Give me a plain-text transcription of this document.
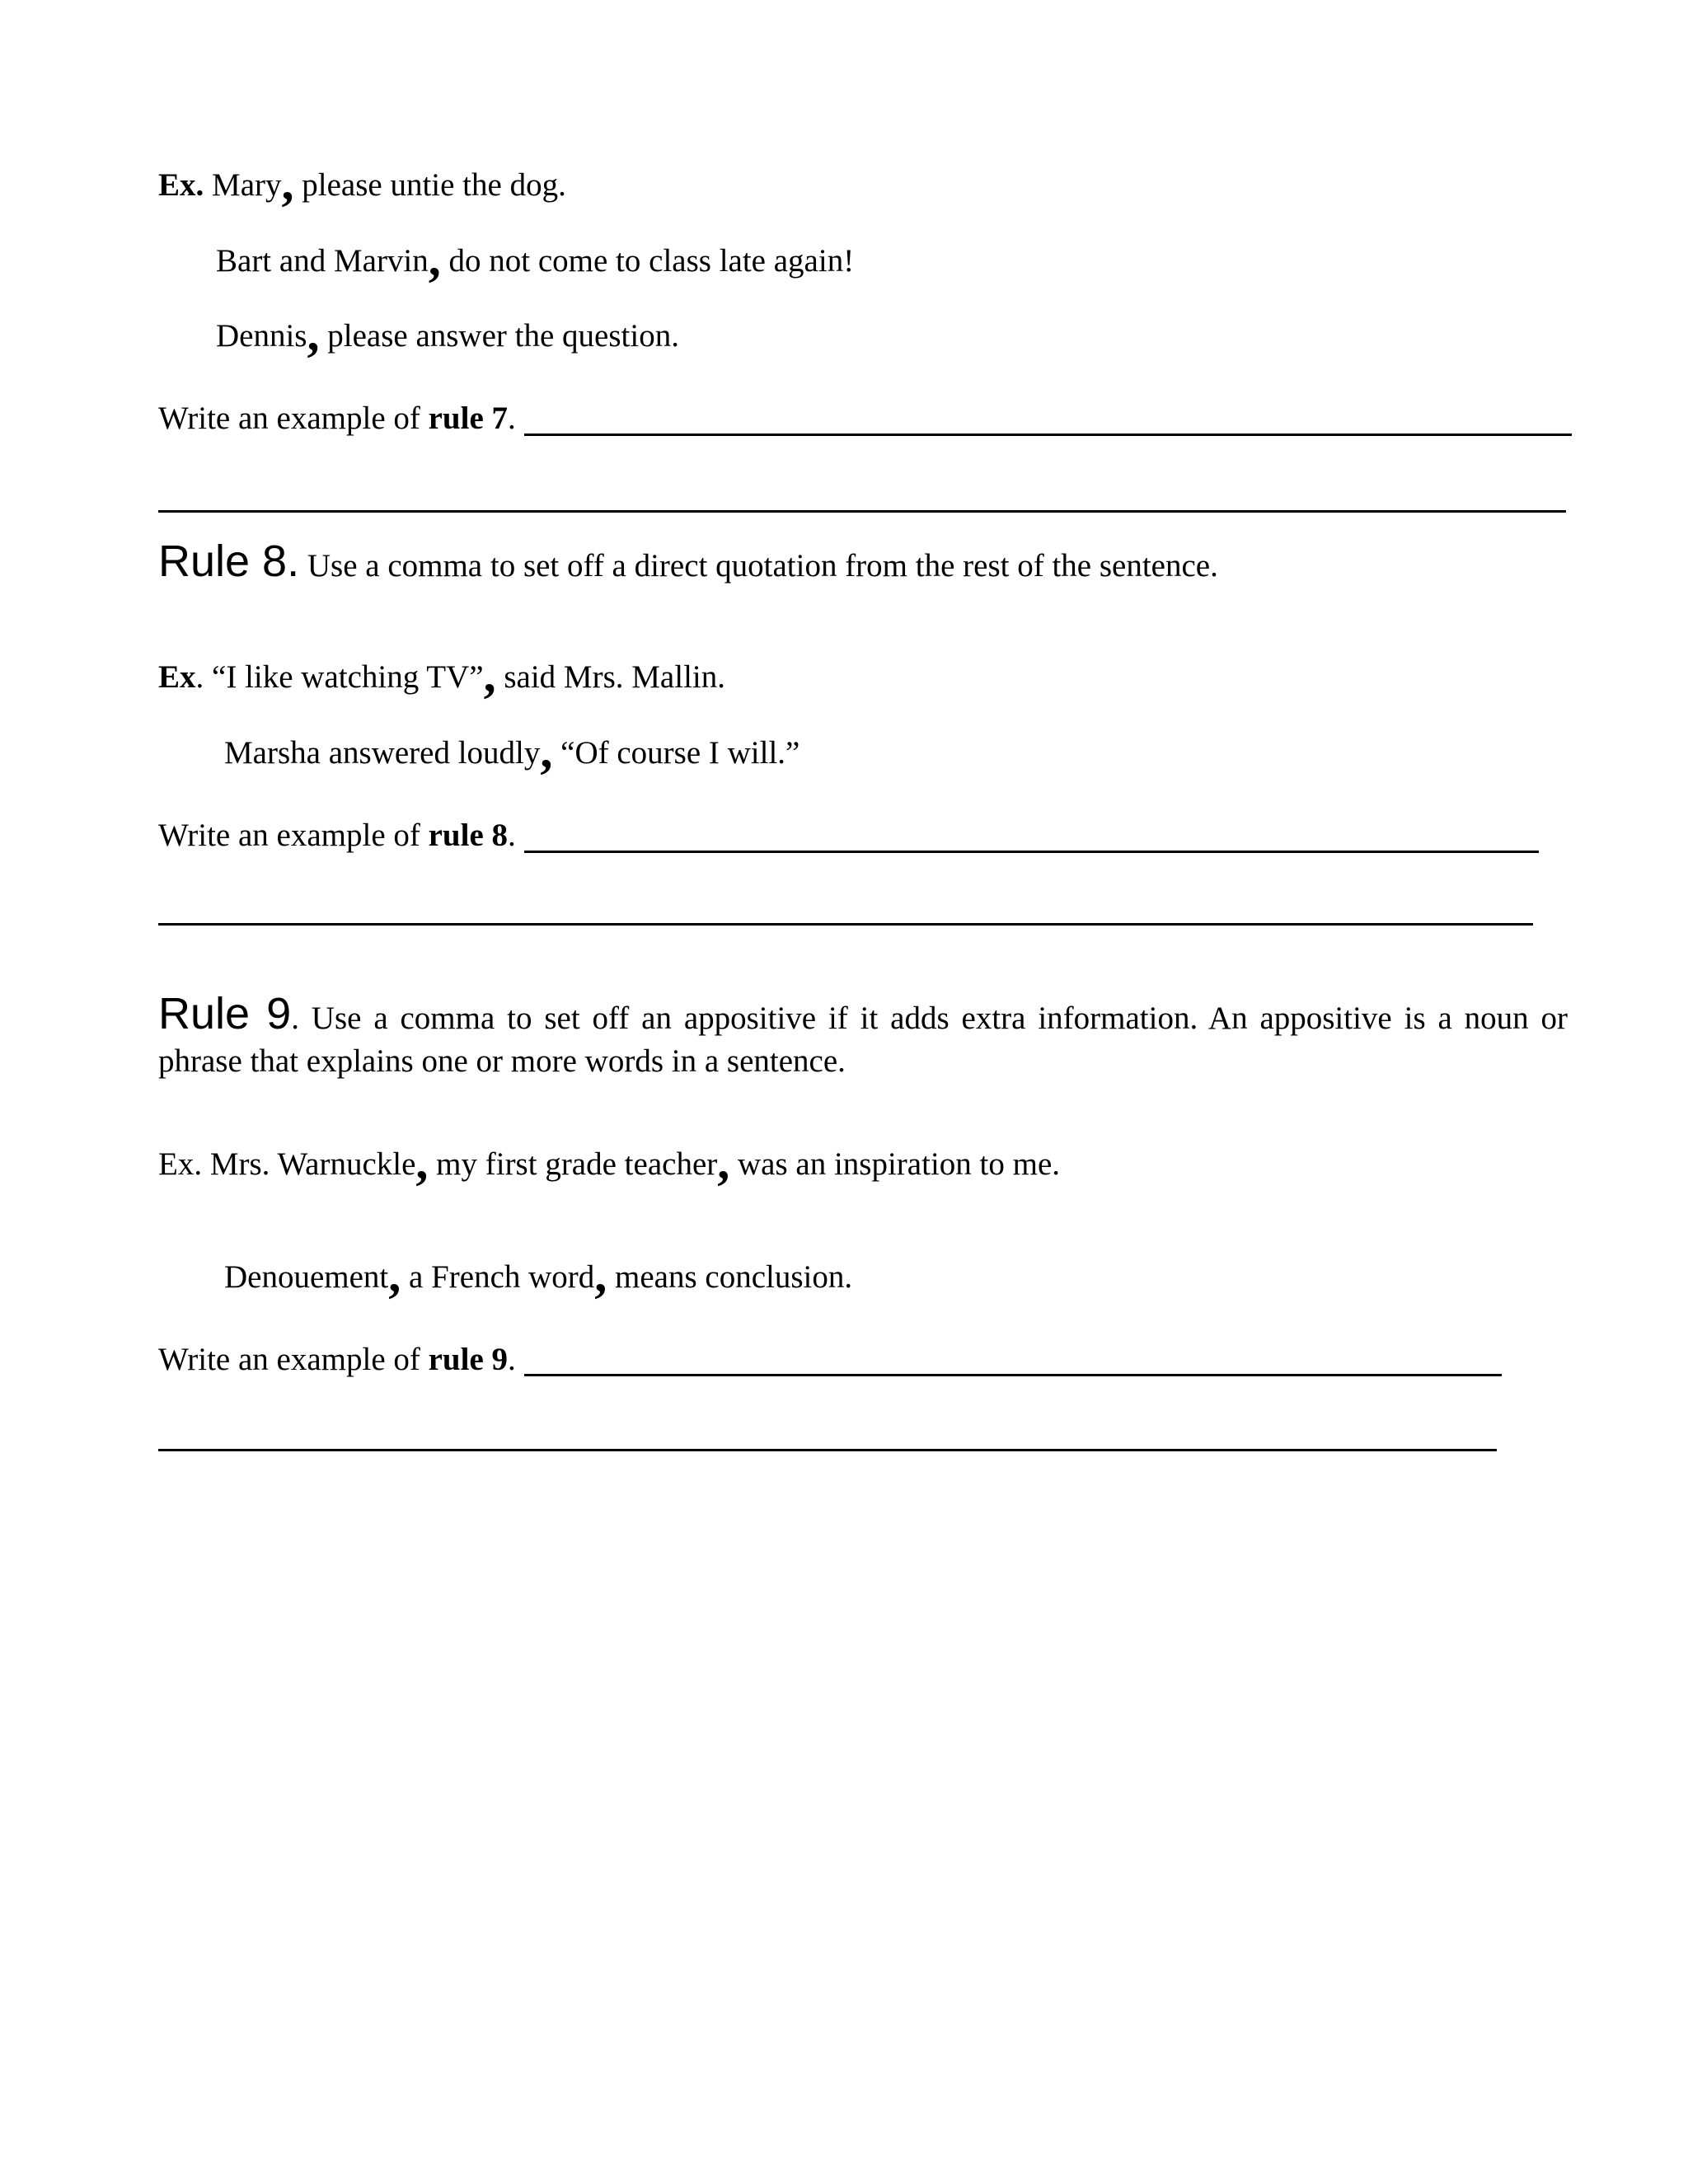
Ex. Mary, please untie the dog.
Bart and Marvin, do not come to class late again!
Dennis, please answer the question.
Write an example of rule 7.
Rule 8. Use a comma to set off a direct quotation from the rest of the sentence.
Ex. “I like watching TV”, said Mrs. Mallin.
Marsha answered loudly, “Of course I will.”
Write an example of rule 8.
Rule 9. Use a comma to set off an appositive if it adds extra information. An appositive is a noun or phrase that explains one or more words in a sentence.
Ex. Mrs. Warnuckle, my first grade teacher, was an inspiration to me.
Denouement, a French word, means conclusion.
Write an example of rule 9.
